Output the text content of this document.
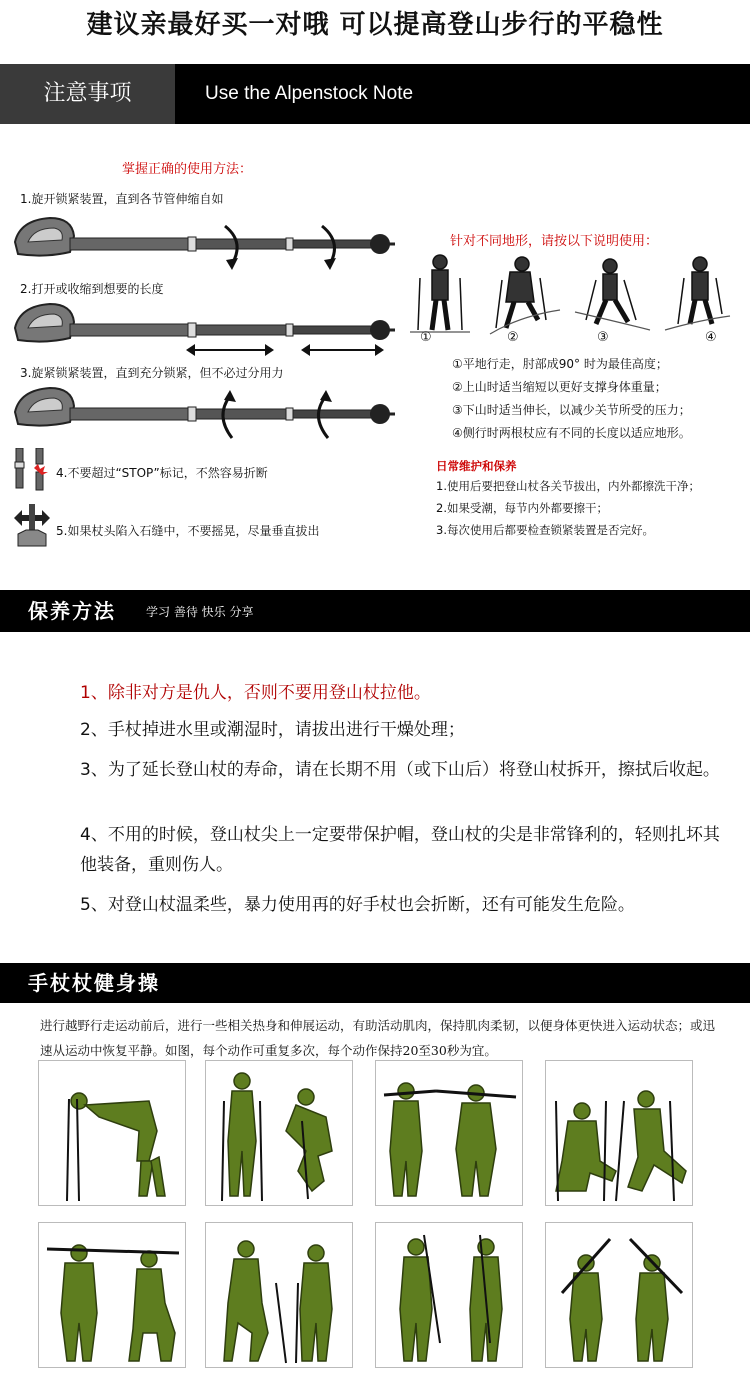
建议亲最好买一对哦 可以提高登山步行的平稳性
Use the Alpenstock Note
注意事项
掌握正确的使用方法：
1.旋开锁紧装置，直到各节管伸缩自如
2.打开或收缩到想要的长度
3.旋紧锁紧装置，直到充分锁紧，但不必过分用力
4.不要超过“STOP”标记，不然容易折断
5.如果杖头陷入石缝中，不要摇晃，尽量垂直拔出
针对不同地形，请按以下说明使用：
①	②	③	④
①平地行走，肘部成90° 时为最佳高度；
②上山时适当缩短以更好支撑身体重量；
③下山时适当伸长，以减少关节所受的压力；
④侧行时两根杖应有不同的长度以适应地形。
日常维护和保养
1.使用后要把登山杖各关节拔出，内外都擦洗干净；
2.如果受潮，每节内外都要擦干；
3.每次使用后都要检查锁紧装置是否完好。
保养方法	学习 善待 快乐 分享
1、除非对方是仇人，否则不要用登山杖拉他。
2、手杖掉进水里或潮湿时，请拔出进行干燥处理；
3、为了延长登山杖的寿命，请在长期不用（或下山后）将登山杖拆开，擦拭后收起。
4、不用的时候，登山杖尖上一定要带保护帽，登山杖的尖是非常锋利的，轻则扎坏其他装备，重则伤人。
5、对登山杖温柔些，暴力使用再的好手杖也会折断，还有可能发生危险。
手杖杖健身操
进行越野行走运动前后，进行一些相关热身和伸展运动，有助活动肌肉，保持肌肉柔韧，以便身体更快进入运动状态；或迅速从运动中恢复平静。如图，每个动作可重复多次，每个动作保持20至30秒为宜。
